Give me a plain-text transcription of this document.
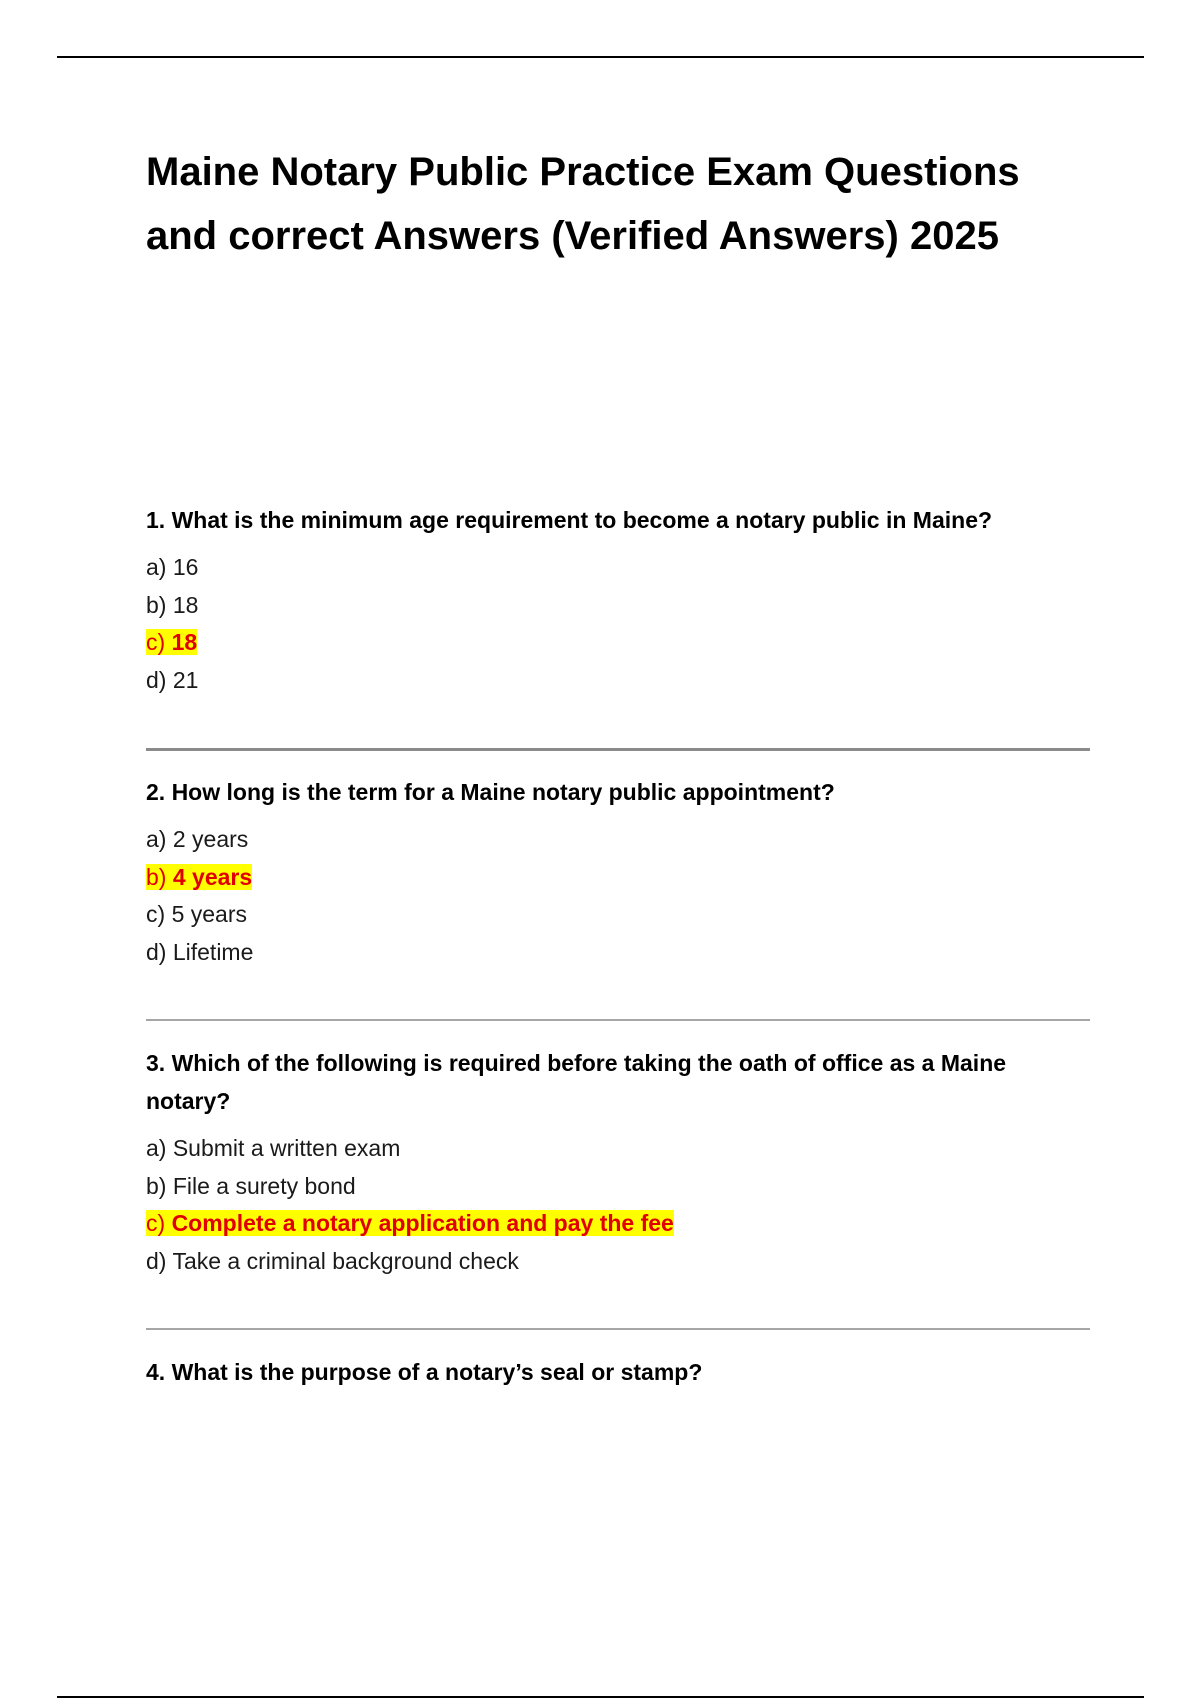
Maine Notary Public Practice Exam Questions
and correct Answers (Verified Answers) 2025

1. What is the minimum age requirement to become a notary public in Maine?

a) 16
b) 18
c) 18
d) 21

2. How long is the term for a Maine notary public appointment?

a) 2 years
b) 4 years
c) 5 years
d) Lifetime

3. Which of the following is required before taking the oath of office as a Maine notary?

a) Submit a written exam
b) File a surety bond
c) Complete a notary application and pay the fee
d) Take a criminal background check

4. What is the purpose of a notary’s seal or stamp?
